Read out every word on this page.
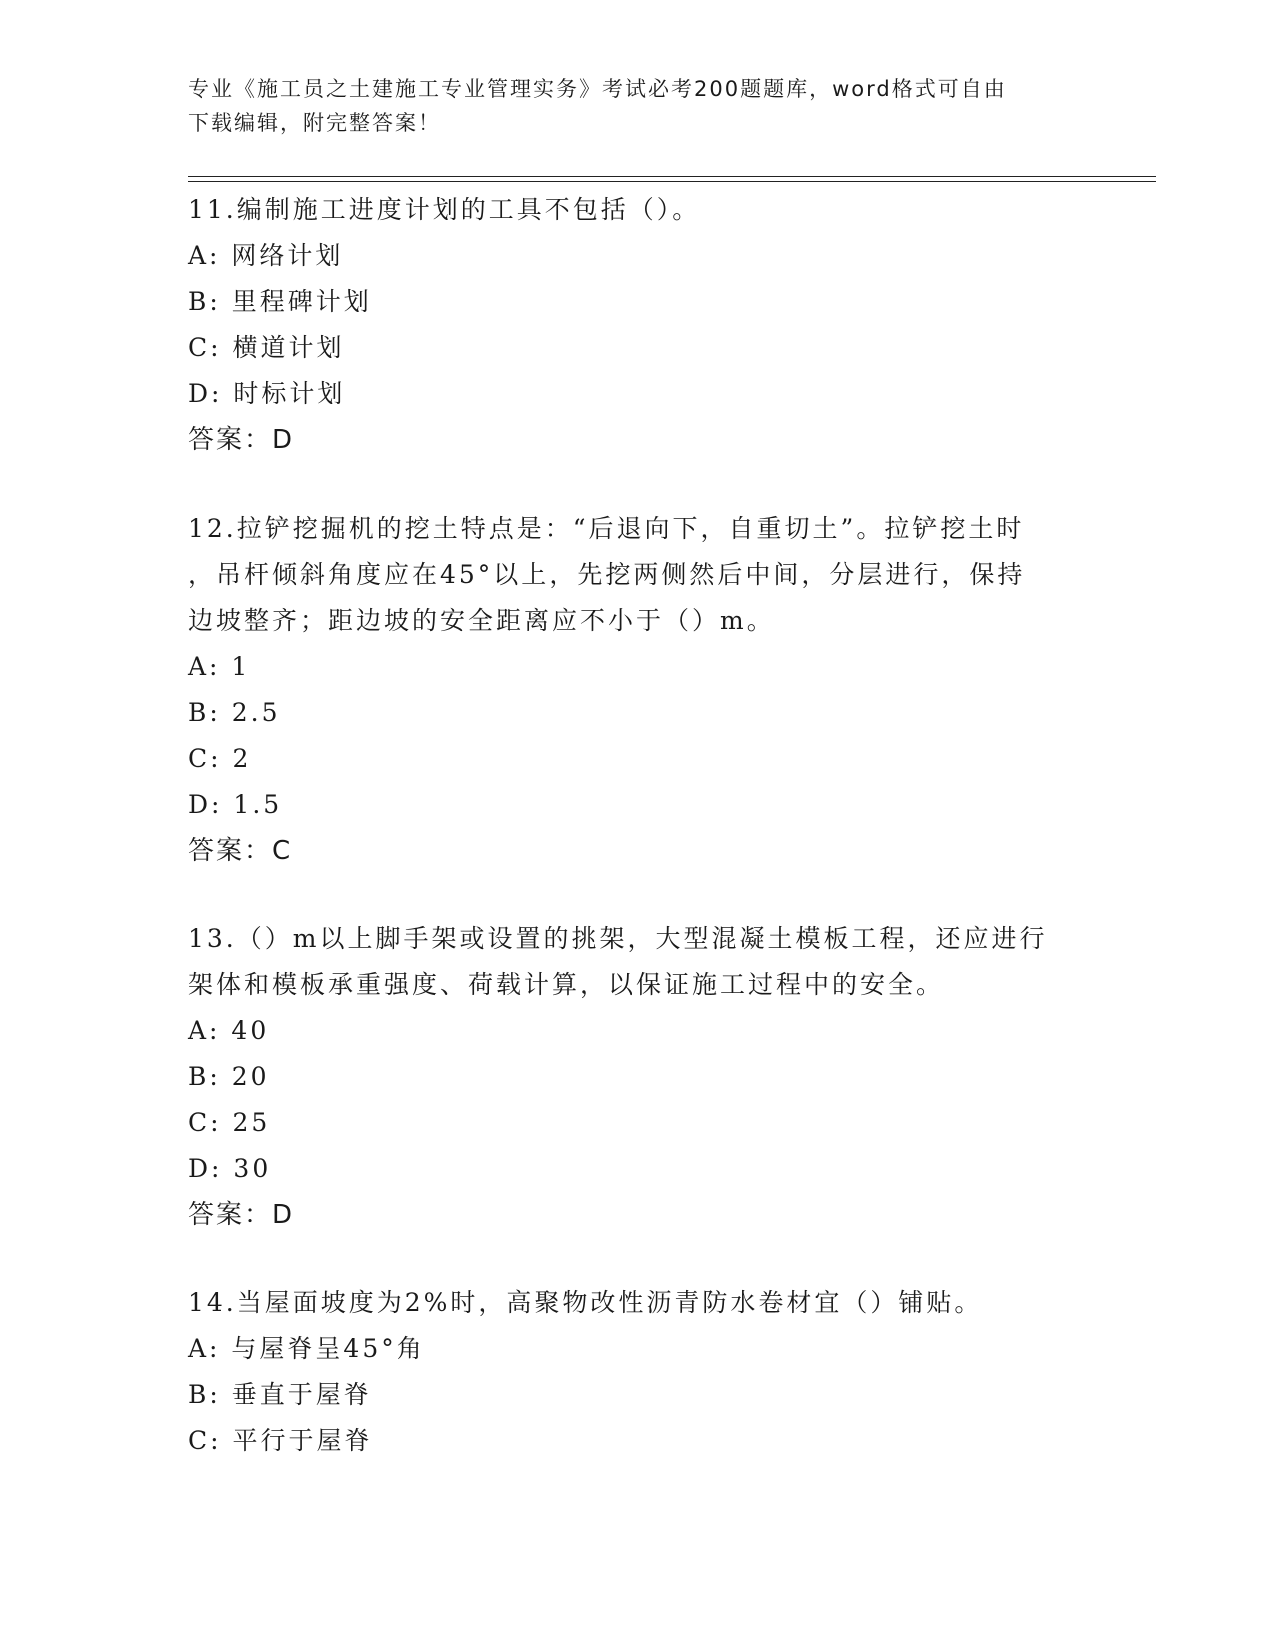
专业《施工员之土建施工专业管理实务》考试必考200题题库，word格式可自由

下载编辑，附完整答案！

11.编制施工进度计划的工具不包括（）。

A: 网络计划

B: 里程碑计划

C: 横道计划

D: 时标计划

答案：D

12.拉铲挖掘机的挖土特点是：“后退向下，自重切土”。拉铲挖土时

，吊杆倾斜角度应在45°以上，先挖两侧然后中间，分层进行，保持

边坡整齐；距边坡的安全距离应不小于（）m。

A: 1

B: 2.5

C: 2

D: 1.5

答案：C

13.（）m以上脚手架或设置的挑架，大型混凝土模板工程，还应进行

架体和模板承重强度、荷载计算，以保证施工过程中的安全。

A: 40

B: 20

C: 25

D: 30

答案：D

14.当屋面坡度为2%时，高聚物改性沥青防水卷材宜（）铺贴。

A: 与屋脊呈45°角

B: 垂直于屋脊

C: 平行于屋脊
